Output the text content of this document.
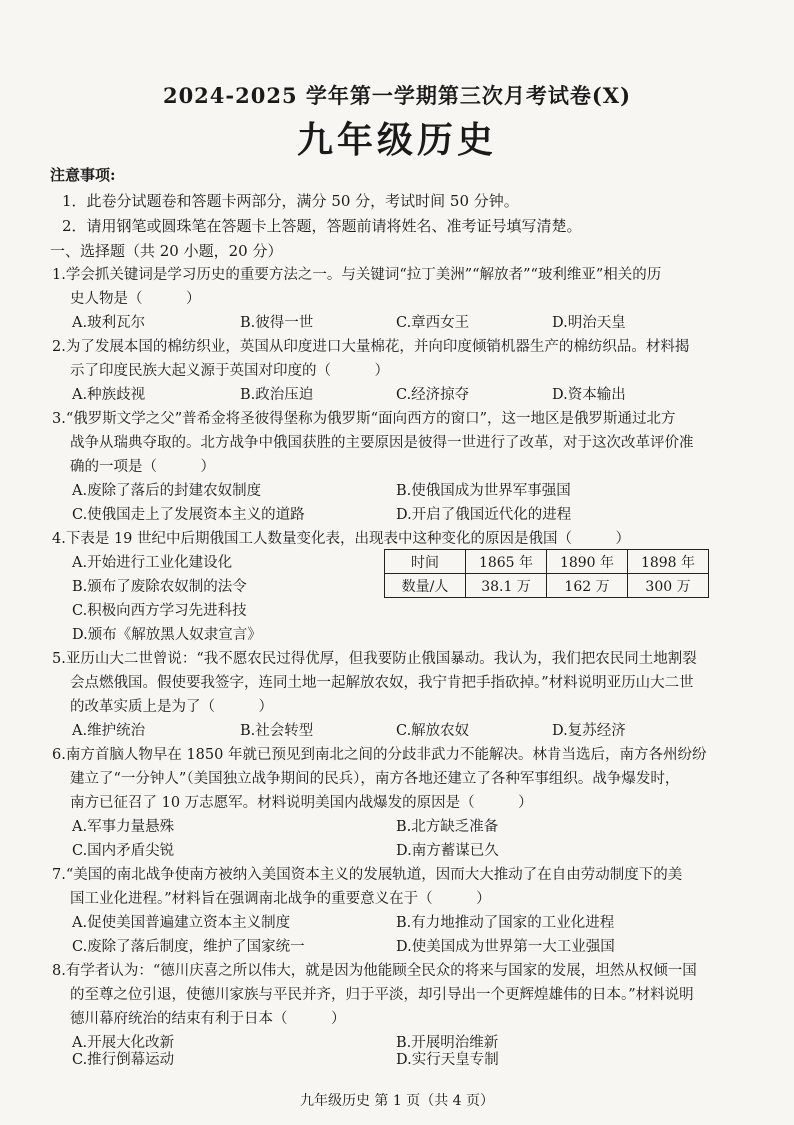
2024-2025 学年第一学期第三次月考试卷(X)
九年级历史
注意事项:
1．此卷分试题卷和答题卡两部分，满分 50 分，考试时间 50 分钟。
2．请用钢笔或圆珠笔在答题卡上答题，答题前请将姓名、准考证号填写清楚。
一、选择题（共 20 小题，20 分）
1.学会抓关键词是学习历史的重要方法之一。与关键词“拉丁美洲”“解放者”“玻利维亚”相关的历
史人物是（　　　）
A.玻利瓦尔	B.彼得一世	C.章西女王	D.明治天皇
2.为了发展本国的棉纺织业，英国从印度进口大量棉花，并向印度倾销机器生产的棉纺织品。材料揭
示了印度民族大起义源于英国对印度的（　　　）
A.种族歧视	B.政治压迫	C.经济掠夺	D.资本输出
3.“俄罗斯文学之父”普希金将圣彼得堡称为俄罗斯“面向西方的窗口”，这一地区是俄罗斯通过北方
战争从瑞典夺取的。北方战争中俄国获胜的主要原因是彼得一世进行了改革，对于这次改革评价准
确的一项是（　　　）
A.废除了落后的封建农奴制度	B.使俄国成为世界军事强国
C.使俄国走上了发展资本主义的道路	D.开启了俄国近代化的进程
4.下表是 19 世纪中后期俄国工人数量变化表，出现表中这种变化的原因是俄国（　　　）
A.开始进行工业化建设化
B.颁布了废除农奴制的法令
C.积极向西方学习先进科技
D.颁布《解放黑人奴隶宣言》
时间	1865 年	1890 年	1898 年
数量/人	38.1 万	162 万	300 万
5.亚历山大二世曾说：“我不愿农民过得优厚，但我要防止俄国暴动。我认为，我们把农民同土地割裂
会点燃俄国。假使要我签字，连同土地一起解放农奴，我宁肯把手指砍掉。”材料说明亚历山大二世
的改革实质上是为了（　　　）
A.维护统治	B.社会转型	C.解放农奴	D.复苏经济
6.南方首脑人物早在 1850 年就已预见到南北之间的分歧非武力不能解决。林肯当选后，南方各州纷纷
建立了“一分钟人”（美国独立战争期间的民兵），南方各地还建立了各种军事组织。战争爆发时，
南方已征召了 10 万志愿军。材料说明美国内战爆发的原因是（　　　）
A.军事力量悬殊	B.北方缺乏准备
C.国内矛盾尖锐	D.南方蓄谋已久
7.“美国的南北战争使南方被纳入美国资本主义的发展轨道，因而大大推动了在自由劳动制度下的美
国工业化进程。”材料旨在强调南北战争的重要意义在于（　　　）
A.促使美国普遍建立资本主义制度	B.有力地推动了国家的工业化进程
C.废除了落后制度，维护了国家统一	D.使美国成为世界第一大工业强国
8.有学者认为：“德川庆喜之所以伟大，就是因为他能顾全民众的将来与国家的发展，坦然从权倾一国
的至尊之位引退，使德川家族与平民并齐，归于平淡，却引导出一个更辉煌雄伟的日本。”材料说明
德川幕府统治的结束有利于日本（　　　）
A.开展大化改新	B.开展明治维新
C.推行倒幕运动	D.实行天皇专制
九年级历史 第 1 页（共 4 页）
